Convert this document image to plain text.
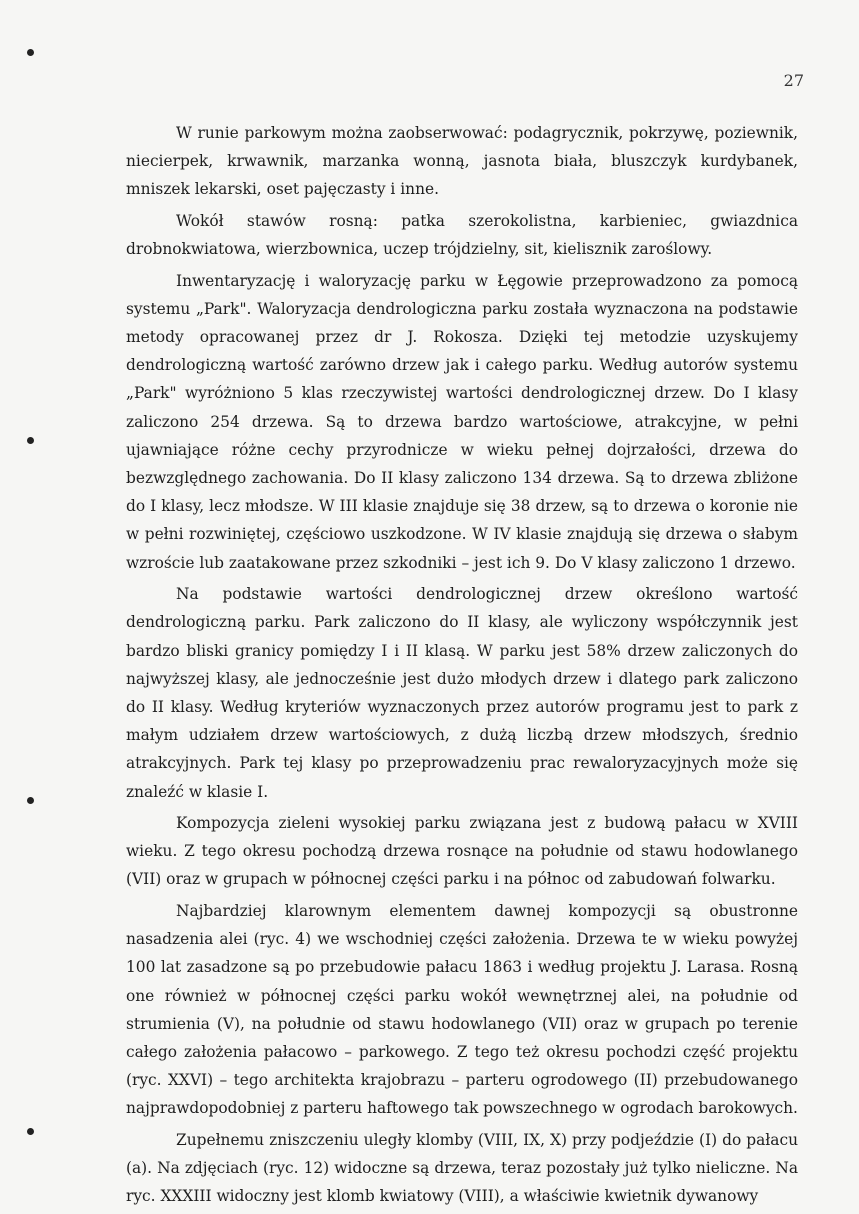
27

W runie parkowym można zaobserwować: podagrycznik, pokrzywę, poziewnik, niecierpek, krwawnik, marzanka wonną, jasnota biała, bluszczyk kurdybanek, mniszek lekarski, oset pajęczasty i inne.

Wokół stawów rosną: patka szerokolistna, karbieniec, gwiazdnica drobnokwiatowa, wierzbownica, uczep trójdzielny, sit, kielisznik zaroślowy.

Inwentaryzację i waloryzację parku w Łęgowie przeprowadzono za pomocą systemu „Park". Waloryzacja dendrologiczna parku została wyznaczona na podstawie metody opracowanej przez dr J. Rokosza. Dzięki tej metodzie uzyskujemy dendrologiczną wartość zarówno drzew jak i całego parku. Według autorów systemu „Park" wyróżniono 5 klas rzeczywistej wartości dendrologicznej drzew. Do I klasy zaliczono 254 drzewa. Są to drzewa bardzo wartościowe, atrakcyjne, w pełni ujawniające różne cechy przyrodnicze w wieku pełnej dojrzałości, drzewa do bezwzględnego zachowania. Do II klasy zaliczono 134 drzewa. Są to drzewa zbliżone do I klasy, lecz młodsze. W III klasie znajduje się 38 drzew, są to drzewa o koronie nie w pełni rozwiniętej, częściowo uszkodzone. W IV klasie znajdują się drzewa o słabym wzroście lub zaatakowane przez szkodniki – jest ich 9. Do V klasy zaliczono 1 drzewo.

Na podstawie wartości dendrologicznej drzew określono wartość dendrologiczną parku. Park zaliczono do II klasy, ale wyliczony współczynnik jest bardzo bliski granicy pomiędzy I i II klasą. W parku jest 58% drzew zaliczonych do najwyższej klasy, ale jednocześnie jest dużo młodych drzew i dlatego park zaliczono do II klasy. Według kryteriów wyznaczonych przez autorów programu jest to park z małym udziałem drzew wartościowych, z dużą liczbą drzew młodszych, średnio atrakcyjnych. Park tej klasy po przeprowadzeniu prac rewaloryzacyjnych może się znaleźć w klasie I.

Kompozycja zieleni wysokiej parku związana jest z budową pałacu w XVIII wieku. Z tego okresu pochodzą drzewa rosnące na południe od stawu hodowlanego (VII) oraz w grupach w północnej części parku i na północ od zabudowań folwarku.

Najbardziej klarownym elementem dawnej kompozycji są obustronne nasadzenia alei (ryc. 4) we wschodniej części założenia. Drzewa te w wieku powyżej 100 lat zasadzone są po przebudowie pałacu 1863 i według projektu J. Larasa. Rosną one również w północnej części parku wokół wewnętrznej alei, na południe od strumienia (V), na południe od stawu hodowlanego (VII) oraz w grupach po terenie całego założenia pałacowo – parkowego. Z tego też okresu pochodzi część projektu (ryc. XXVI) – tego architekta krajobrazu – parteru ogrodowego (II) przebudowanego najprawdopodobniej z parteru haftowego tak powszechnego w ogrodach barokowych.

Zupełnemu zniszczeniu uległy klomby (VIII, IX, X) przy podjeździe (I) do pałacu (a). Na zdjęciach (ryc. 12) widoczne są drzewa, teraz pozostały już tylko nieliczne. Na ryc. XXXIII widoczny jest klomb kwiatowy (VIII), a właściwie kwietnik dywanowy
